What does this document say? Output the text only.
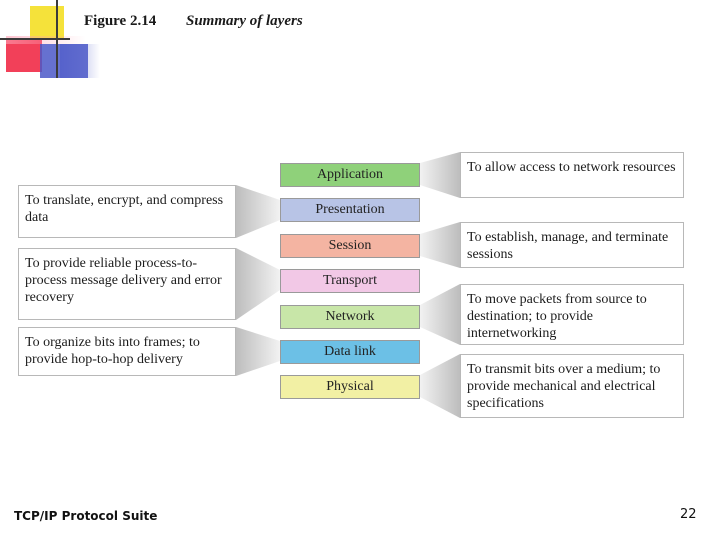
Figure 2.14 Summary of layers
Application
Presentation
Session
Transport
Network
Data link
Physical
To translate, encrypt, and compress data
To provide reliable process-to-process message delivery and error recovery
To organize bits into frames; to provide hop-to-hop delivery
To allow access to network resources
To establish, manage, and terminate sessions
To move packets from source to destination; to provide internetworking
To transmit bits over a medium; to provide mechanical and electrical specifications
TCP/IP Protocol Suite	22
